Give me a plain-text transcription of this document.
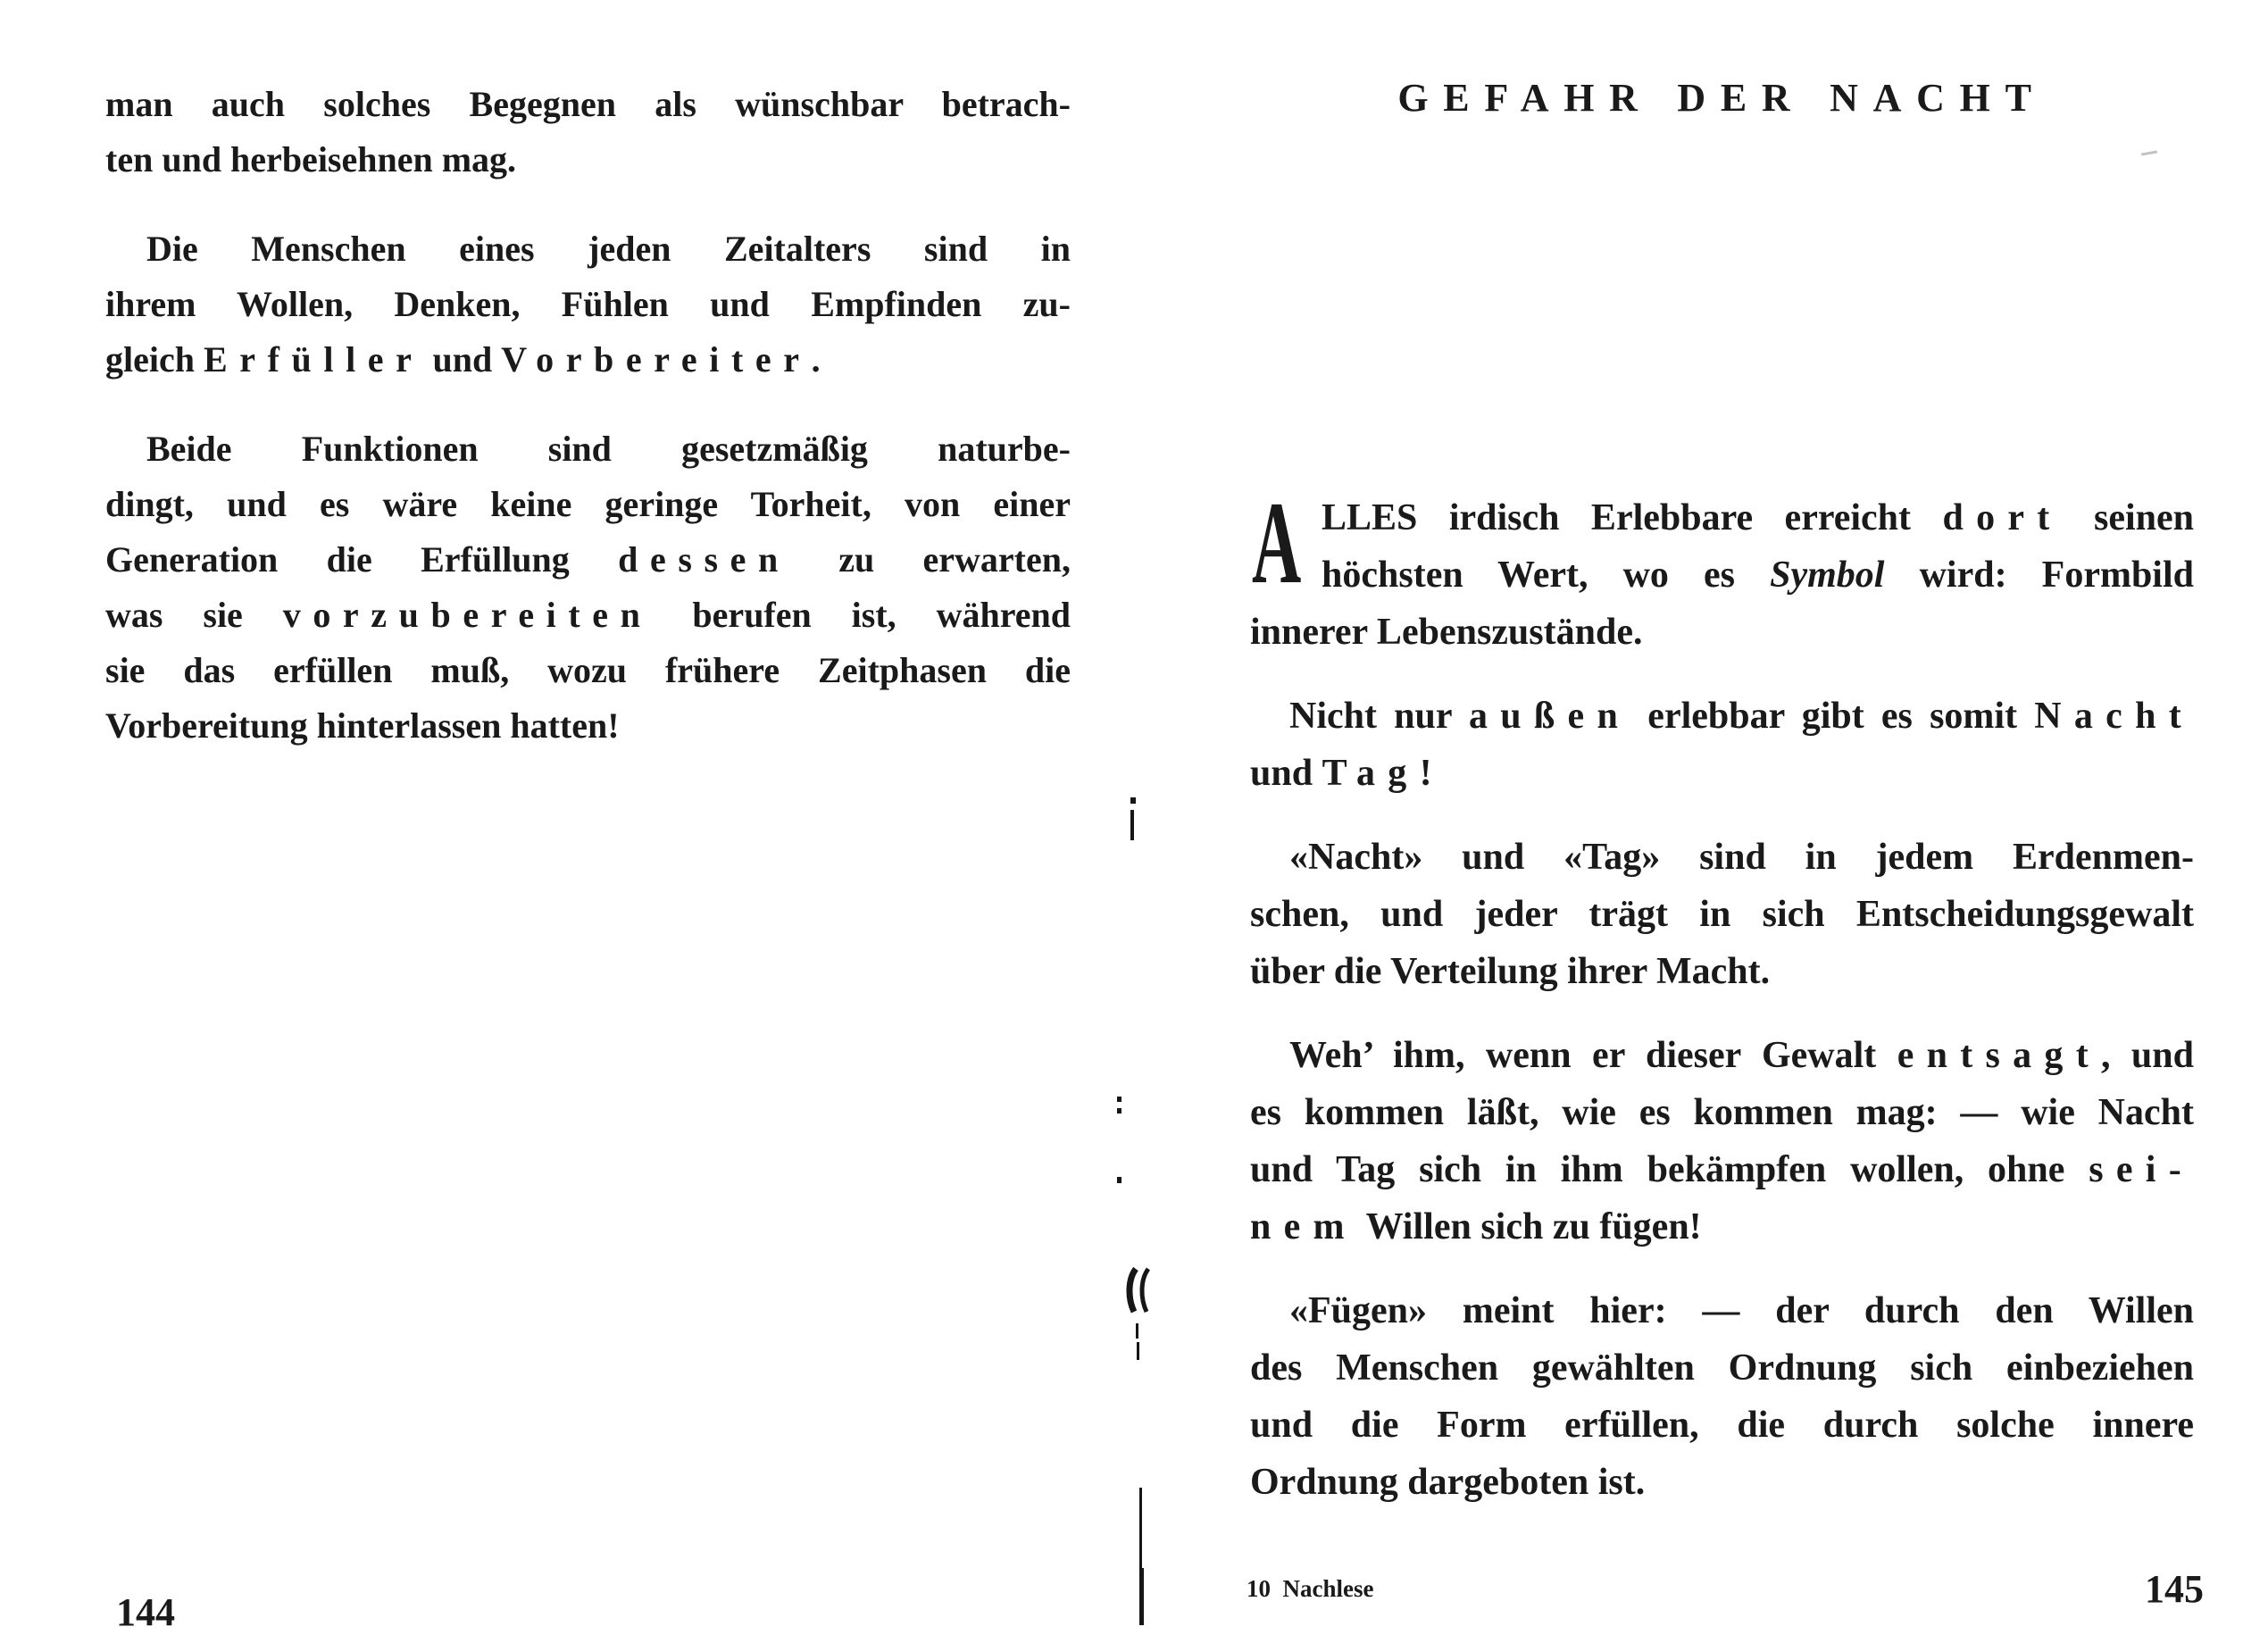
man auch solches Begegnen als wünschbar betrach-
ten und herbeisehnen mag.
Die Menschen eines jeden Zeitalters sind in
ihrem Wollen, Denken, Fühlen und Empfinden zu-
gleich Erfüller und Vorbereiter.
Beide Funktionen sind gesetzmäßig naturbe-
dingt, und es wäre keine geringe Torheit, von einer
Generation die Erfüllung dessen zu erwarten,
was sie vorzubereiten berufen ist, während
sie das erfüllen muß, wozu frühere Zeitphasen die
Vorbereitung hinterlassen hatten!
144
GEFAHR DER NACHT
A LLES irdisch Erlebbare erreicht dort seinen
höchsten Wert, wo es Symbol wird: Formbild
innerer Lebenszustände.
Nicht nur außen erlebbar gibt es somit Nacht
und Tag!
«Nacht» und «Tag» sind in jedem Erdenmen-
schen, und jeder trägt in sich Entscheidungsgewalt
über die Verteilung ihrer Macht.
Weh’ ihm, wenn er dieser Gewalt entsagt, und
es kommen läßt, wie es kommen mag: — wie Nacht
und Tag sich in ihm bekämpfen wollen, ohne sei-
nem Willen sich zu fügen!
«Fügen» meint hier: — der durch den Willen
des Menschen gewählten Ordnung sich einbeziehen
und die Form erfüllen, die durch solche innere
Ordnung dargeboten ist.
10  Nachlese	145
